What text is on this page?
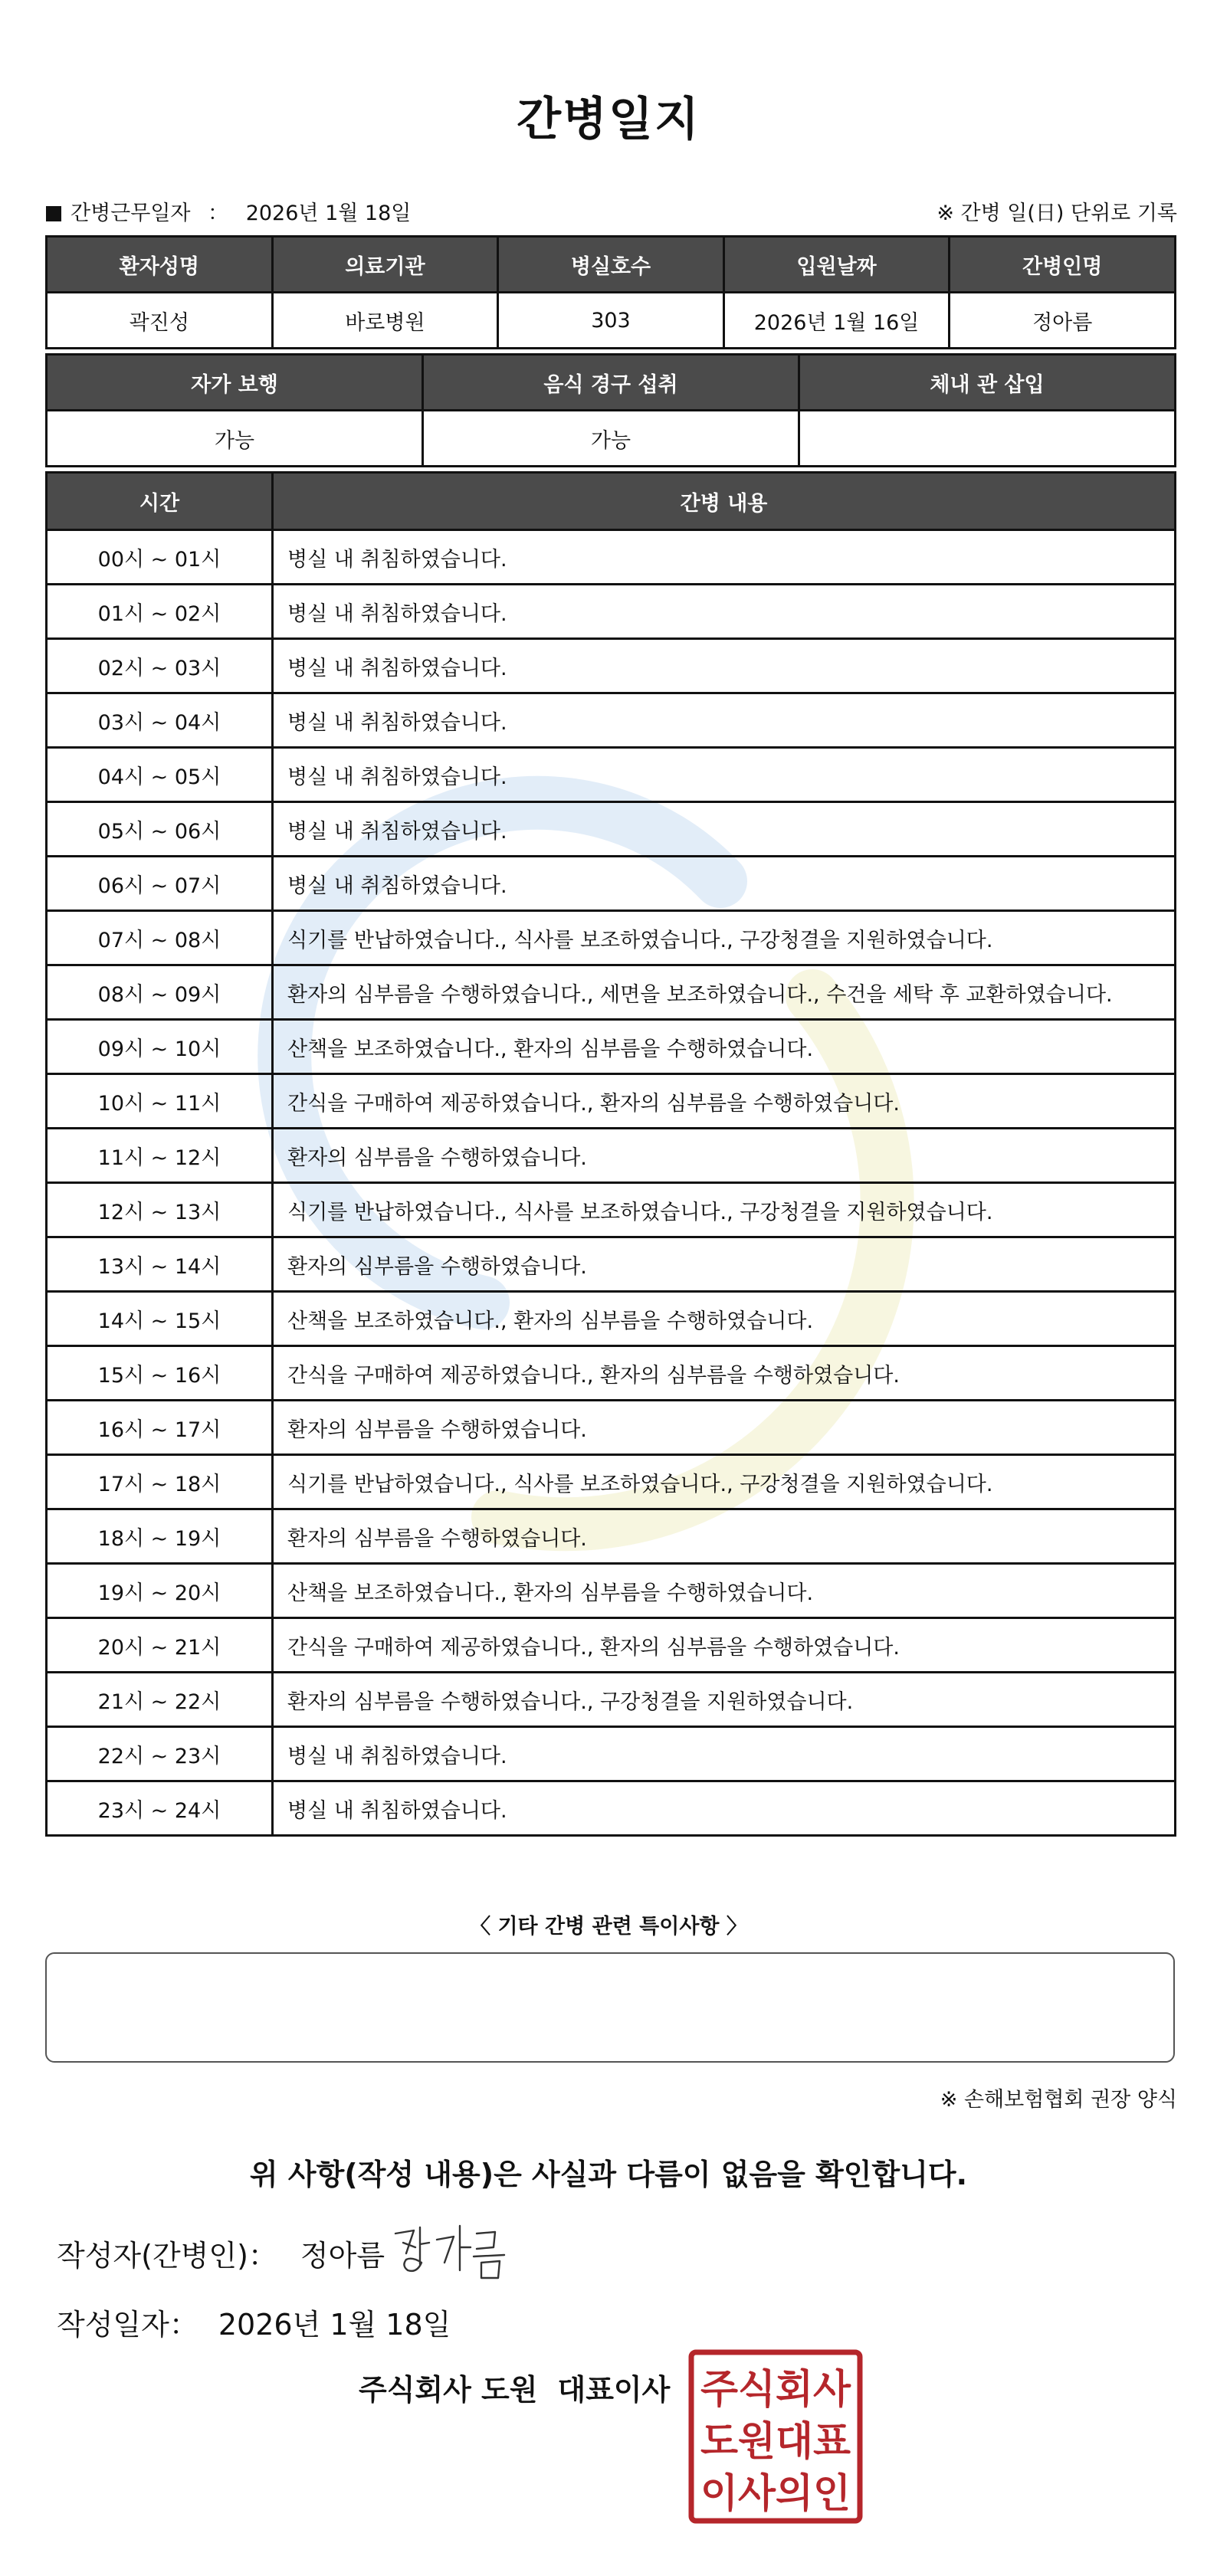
간병일지
간병근무일자 ： 2026년 1월 18일	※ 간병 일(日) 단위로 기록
환자성명	의료기관	병실호수	입원날짜	간병인명
곽진성	바로병원	303	2026년 1월 16일	정아름
자가 보행	음식 경구 섭취	체내 관 삽입
가능	가능	
시간	간병 내용
00시 ~ 01시	병실 내 취침하였습니다.
01시 ~ 02시	병실 내 취침하였습니다.
02시 ~ 03시	병실 내 취침하였습니다.
03시 ~ 04시	병실 내 취침하였습니다.
04시 ~ 05시	병실 내 취침하였습니다.
05시 ~ 06시	병실 내 취침하였습니다.
06시 ~ 07시	병실 내 취침하였습니다.
07시 ~ 08시	식기를 반납하였습니다., 식사를 보조하였습니다., 구강청결을 지원하였습니다.
08시 ~ 09시	환자의 심부름을 수행하였습니다., 세면을 보조하였습니다., 수건을 세탁 후 교환하였습니다.
09시 ~ 10시	산책을 보조하였습니다., 환자의 심부름을 수행하였습니다.
10시 ~ 11시	간식을 구매하여 제공하였습니다., 환자의 심부름을 수행하였습니다.
11시 ~ 12시	환자의 심부름을 수행하였습니다.
12시 ~ 13시	식기를 반납하였습니다., 식사를 보조하였습니다., 구강청결을 지원하였습니다.
13시 ~ 14시	환자의 심부름을 수행하였습니다.
14시 ~ 15시	산책을 보조하였습니다., 환자의 심부름을 수행하였습니다.
15시 ~ 16시	간식을 구매하여 제공하였습니다., 환자의 심부름을 수행하였습니다.
16시 ~ 17시	환자의 심부름을 수행하였습니다.
17시 ~ 18시	식기를 반납하였습니다., 식사를 보조하였습니다., 구강청결을 지원하였습니다.
18시 ~ 19시	환자의 심부름을 수행하였습니다.
19시 ~ 20시	산책을 보조하였습니다., 환자의 심부름을 수행하였습니다.
20시 ~ 21시	간식을 구매하여 제공하였습니다., 환자의 심부름을 수행하였습니다.
21시 ~ 22시	환자의 심부름을 수행하였습니다., 구강청결을 지원하였습니다.
22시 ~ 23시	병실 내 취침하였습니다.
23시 ~ 24시	병실 내 취침하였습니다.
〈 기타 간병 관련 특이사항 〉
※ 손해보험협회 권장 양식
위 사항(작성 내용)은 사실과 다름이 없음을 확인합니다.
작성자(간병인)： 정아름
작성일자： 2026년 1월 18일
주식회사 도원 대표이사 주식회사
도원대표
이사의인
